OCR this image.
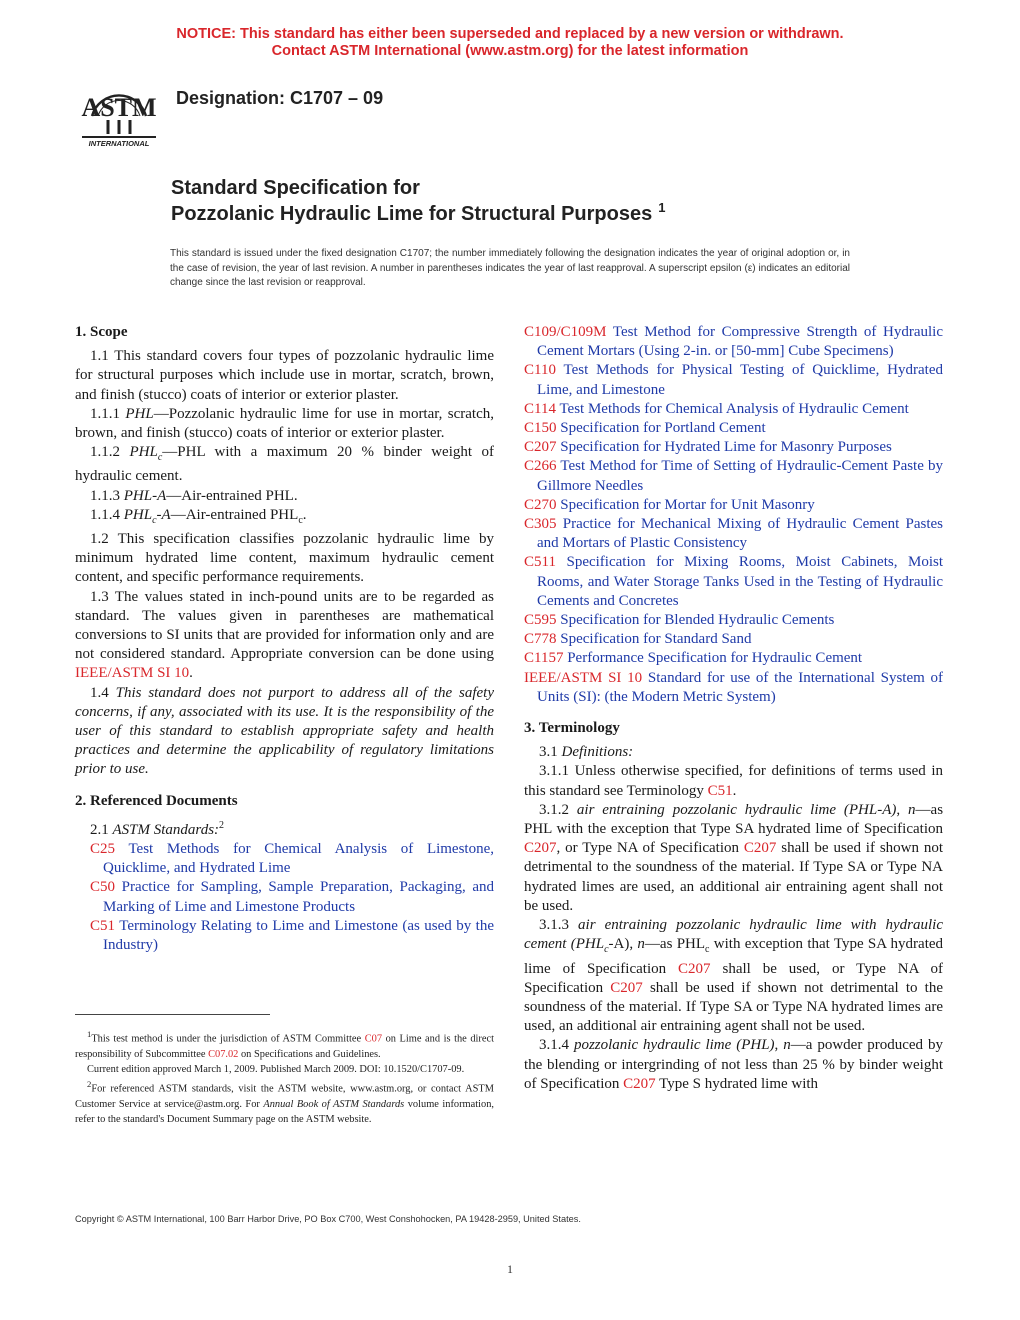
NOTICE: This standard has either been superseded and replaced by a new version or withdrawn.
Contact ASTM International (www.astm.org) for the latest information
ASTM
INTERNATIONAL
Designation: C1707 – 09
Standard Specification for
Pozzolanic Hydraulic Lime for Structural Purposes $^1$
This standard is issued under the fixed designation C1707; the number immediately following the designation indicates the year of original adoption or, in the case of revision, the year of last revision. A number in parentheses indicates the year of last reapproval. A superscript epsilon (ε) indicates an editorial change since the last revision or reapproval.

1. Scope

1.1 This standard covers four types of pozzolanic hydraulic lime for structural purposes which include use in mortar, scratch, brown, and finish (stucco) coats of interior or exterior plaster.

1.1.1 PHL—Pozzolanic hydraulic lime for use in mortar, scratch, brown, and finish (stucco) coats of interior or exterior plaster.

1.1.2 $PHL_c—PHL$ with a maximum 20 % binder weight of hydraulic cement.

1.1.3 PHL-A—Air-entrained PHL.

1.1.4 $PHL_c-A—Air$-entrained $PHL_c$.

1.2 This specification classifies pozzolanic hydraulic lime by minimum hydrated lime content, maximum hydraulic cement content, and specific performance requirements.

1.3 The values stated in inch-pound units are to be regarded as standard. The values given in parentheses are mathematical conversions to SI units that are provided for information only and are not considered standard. Appropriate conversion can be done using IEEE/ASTM SI 10.

1.4 This standard does not purport to address all of the safety concerns, if any, associated with its use. It is the responsibility of the user of this standard to establish appropriate safety and health practices and determine the applicability of regulatory limitations prior to use.

2. Referenced Documents

2.1 ASTM Standards:$^2$

C25 Test Methods for Chemical Analysis of Limestone, Quicklime, and Hydrated Lime

C50 Practice for Sampling, Sample Preparation, Packaging, and Marking of Lime and Limestone Products

C51 Terminology Relating to Lime and Limestone (as used by the Industry)

$^1$This test method is under the jurisdiction of ASTM Committee C07 on Lime and is the direct responsibility of Subcommittee C07.02 on Specifications and Guidelines.

Current edition approved March 1, 2009. Published March 2009. DOI: 10.1520/C1707-09.

$^2$For referenced ASTM standards, visit the ASTM website, www.astm.org, or contact ASTM Customer Service at service@astm.org. For Annual Book of ASTM Standards volume information, refer to the standard's Document Summary page on the ASTM website.

C109/C109M Test Method for Compressive Strength of Hydraulic Cement Mortars (Using 2-in. or [50-mm] Cube Specimens)

C110 Test Methods for Physical Testing of Quicklime, Hydrated Lime, and Limestone

C114 Test Methods for Chemical Analysis of Hydraulic Cement

C150 Specification for Portland Cement

C207 Specification for Hydrated Lime for Masonry Purposes

C266 Test Method for Time of Setting of Hydraulic-Cement Paste by Gillmore Needles

C270 Specification for Mortar for Unit Masonry

C305 Practice for Mechanical Mixing of Hydraulic Cement Pastes and Mortars of Plastic Consistency

C511 Specification for Mixing Rooms, Moist Cabinets, Moist Rooms, and Water Storage Tanks Used in the Testing of Hydraulic Cements and Concretes

C595 Specification for Blended Hydraulic Cements

C778 Specification for Standard Sand

C1157 Performance Specification for Hydraulic Cement

IEEE/ASTM SI 10 Standard for use of the International System of Units (SI): (the Modern Metric System)

3. Terminology

3.1 Definitions:

3.1.1 Unless otherwise specified, for definitions of terms used in this standard see Terminology C51.

3.1.2 air entraining pozzolanic hydraulic lime (PHL-A), n—as PHL with the exception that Type SA hydrated lime of Specification C207, or Type NA of Specification C207 shall be used if shown not detrimental to the soundness of the material. If Type SA or Type NA hydrated limes are used, an additional air entraining agent shall not be used.

3.1.3 air entraining pozzolanic hydraulic lime with hydraulic cement $(PHL_c-A)$, n—as $PHL_c$ with exception that Type SA hydrated lime of Specification C207 shall be used, or Type NA of Specification C207 shall be used if shown not detrimental to the soundness of the material. If Type SA or Type NA hydrated limes are used, an additional air entraining agent shall not be used.

3.1.4 pozzolanic hydraulic lime (PHL), n—a powder produced by the blending or intergrinding of not less than 25 % by binder weight of Specification C207 Type S hydrated lime with

Copyright © ASTM International, 100 Barr Harbor Drive, PO Box C700, West Conshohocken, PA 19428-2959, United States.
1
